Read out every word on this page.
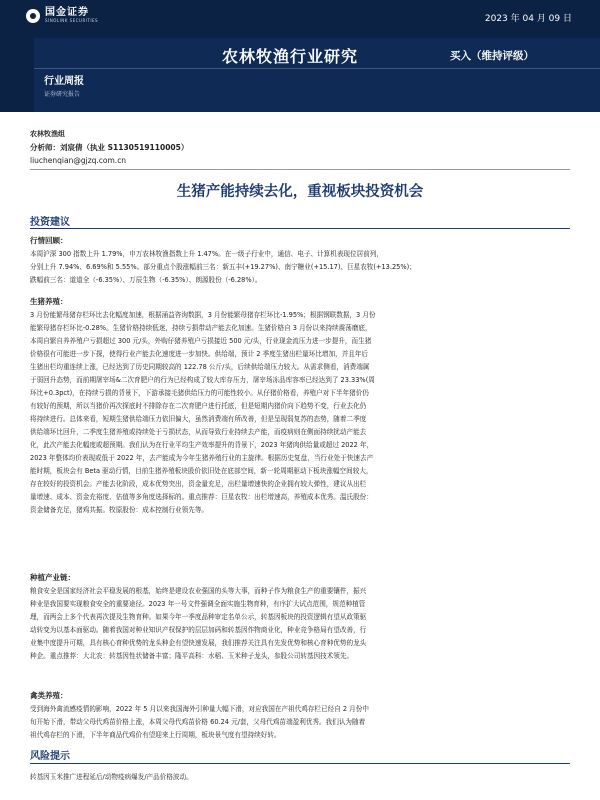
国金证券
SINOLINK SECURITIES	2023 年 04 月 09 日
农林牧渔行业研究	买入（维持评级）
行业周报
证券研究报告
农林牧渔组
分析师：刘宸倩（执业 S1130519110005）
liuchenqian@gjzq.com.cn
生猪产能持续去化，重视板块投资机会
投资建议
行情回顾：
本周沪深 300 指数上升 1.79%，申万农林牧渔指数上升 1.47%。在一级子行业中，通信、电子、计算机表现位居前列，
分别上升 7.94%、6.69%和 5.55%。部分重点个股涨幅前三名：新五丰(+19.27%)、南宁糖业(+15.17)、巨星农牧(+13.25%)；
跌幅前三名：道道全（-6.35%）、万辰生物（-6.35%）、朗源股份（-6.28%）。
生猪养殖：
3 月份能繁母猪存栏环比去化幅度加速，根据涌益咨询数据，3 月份能繁母猪存栏环比-1.95%；根据钢联数据，3 月份
能繁母猪存栏环比-0.28%。生猪价格持续低迷，持续亏损带动产能去化加速。生猪价格自 3 月份以来持续震荡磨底，
本周自繁自养养殖户亏损超过 300 元/头，外购仔猪养殖户亏损接近 500 元/头，行业现金流压力进一步提升，而生猪
价格很有可能进一步下探，使得行业产能去化速度进一步加快。供给端，预计 2 季度生猪出栏量环比增加，并且年后
生猪出栏均重连续上涨，已经达到了历史同期较高的 122.78 公斤/头，后续供给端压力较大。从需求侧看，消费端属
于弱回升态势，而前期屠宰场&二次育肥户的行为已经构成了较大库存压力，屠宰场冻品库容率已经达到了 23.33%(周
环比+0.3pct)，在持续亏损的背景下，下游承接毛猪供给压力的可能性较小。从仔猪价格看，养殖户对下半年猪价仍
有较好的预期，所以当猪价再次探底时不排除存在二次育肥户进行托底，但是短期内猪价向下趋势不变，行业去化仍
将持续进行。总体来看，短期生猪供给端压力依旧偏大，虽然消费端有所改善，但是呈现弱复苏的态势，随着二季度
供给端环比回升，二季度生猪养殖或持续处于亏损状态，从而导致行业持续去产能，而疫病则在侧面持续扰动产能去
化，此次产能去化幅度或超预期。我们认为在行业平均生产效率提升的背景下，2023 年猪肉供给量或超过 2022 年，
2023 年整体均价表现或低于 2022 年，去产能成为今年生猪养殖行业的主旋律。根据历史复盘，当行业处于快速去产
能时期，板块会有 Beta 驱动行情，目前生猪养殖板块股价依旧处在底部空间，新一轮周期驱动下板块涨幅空间较大，
存在较好的投资机会。产能去化阶段，成本优势突出，资金量充足，出栏量增速快的企业拥有较大弹性，建议从出栏
量增速、成本、资金充裕度、估值等多角度选择标的。重点推荐：巨星农牧：出栏增速高，养殖成本优秀。温氏股份：
资金储备充足，猪鸡共振。牧原股份：成本控制行业领先等。

种植产业链：
粮食安全是国家经济社会平稳发展的根基，始终是建设农业强国的头等大事，而种子作为粮食生产的重要镶件，振兴
种业是我国要实现粮食安全的重要途径。2023 年一号文件强调全面实施生物育种，有序扩大试点范围，规范种植管
理，而两会上多个代表再次提及生物育种。如果今年一季度品种审定名单公示，转基因板块的投资逻辑有望从政策驱
动转变为以基本面驱动。随着我国对种业知识产权保护的层层加码和转基因作物商业化，种业竞争格局有望改善，行
业集中度提升可期，具有核心育种优势的龙头种企有望快速发展，我们推荐关注具有先发优势和核心育种优势的龙头
种企。重点推荐：大北农：转基因性状储备丰富；隆平高科：水稻、玉米种子龙头，参股公司转基因技术领先。

禽类养殖：
受到海外禽流感疫情的影响，2022 年 5 月以来我国海外引种量大幅下滑，对应我国在产祖代鸡存栏已经自 2 月份中
旬开始下滑，带动父母代鸡苗价格上涨，本周父母代鸡苗价格 60.24 元/套，父母代鸡苗端盈利优秀。我们认为随着
祖代鸡存栏的下滑，下半年商品代鸡价有望迎来上行周期，板块景气度有望持续好转。
风险提示
转基因玉米推广进程延后/动物疫病爆发/产品价格波动。
